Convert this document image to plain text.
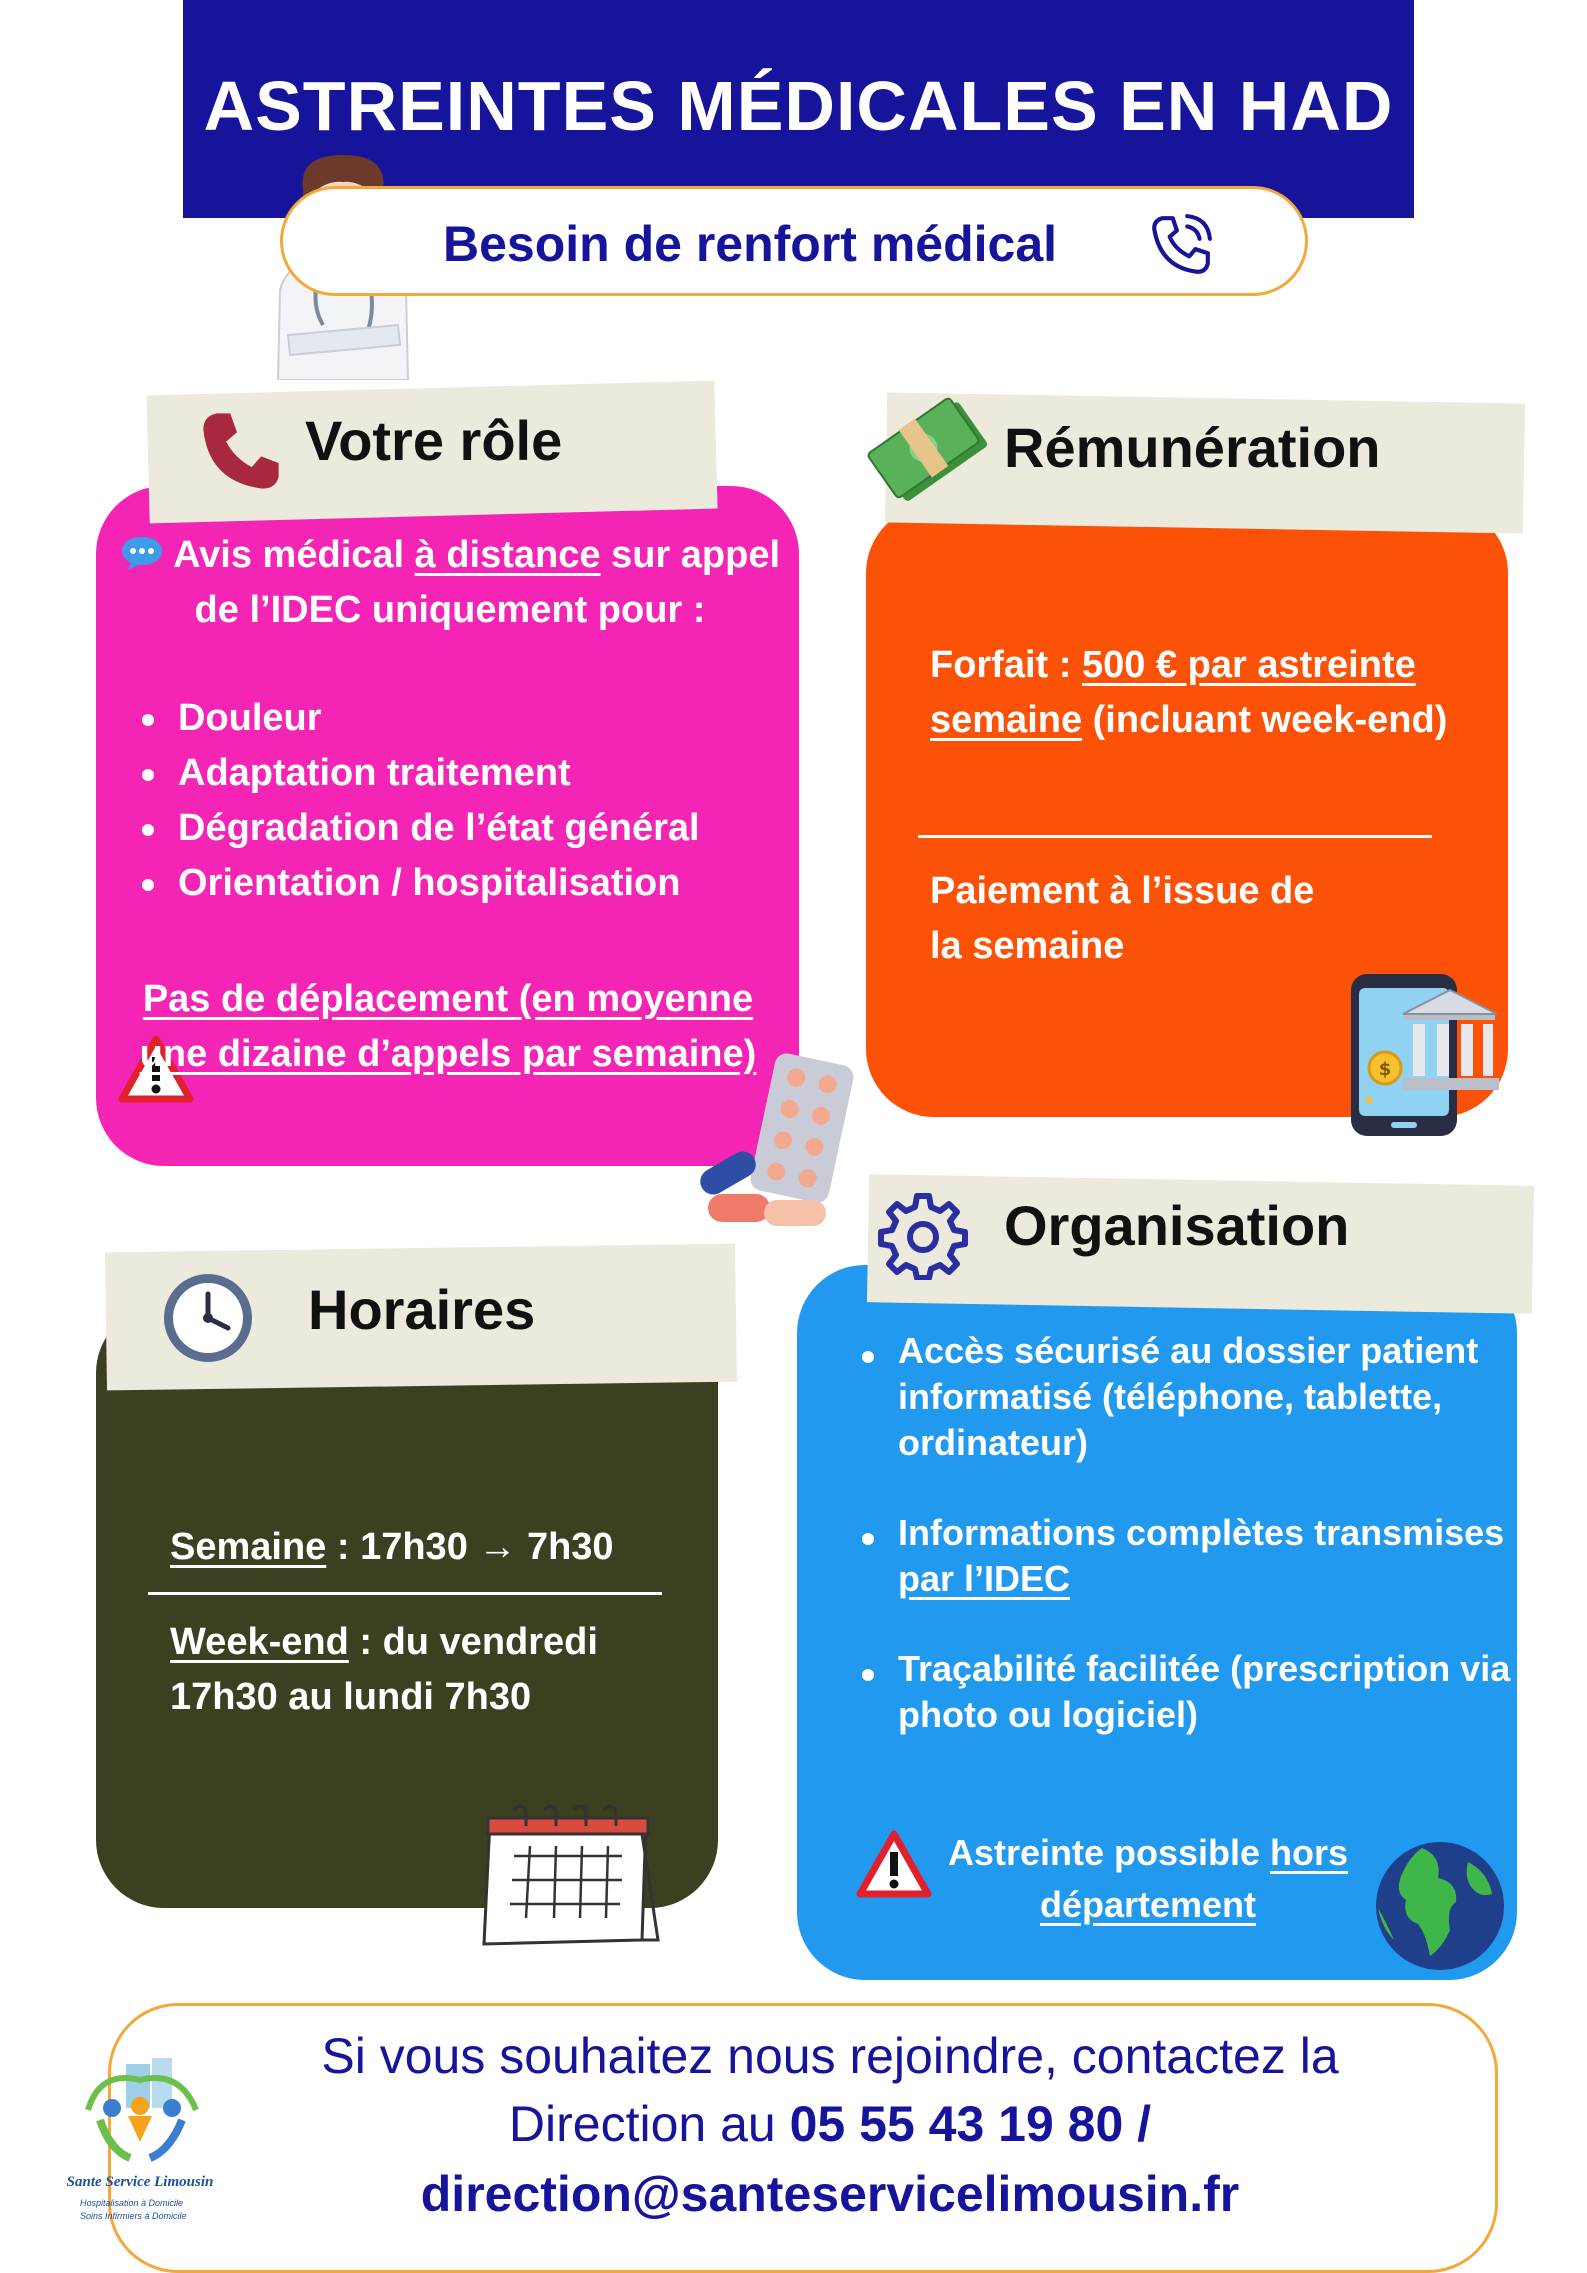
ASTREINTES MÉDICALES EN HAD
Besoin de renfort médical
Votre rôle
Avis médical à distance sur appel de l’IDEC uniquement pour :
Douleur
Adaptation traitement
Dégradation de l’état général
Orientation / hospitalisation
Pas de déplacement (en moyenne une dizaine d’appels par semaine)
Rémunération
Forfait : 500 € par astreinte semaine (incluant week-end)
Paiement à l’issue de la semaine
$
Horaires
Semaine : 17h30 → 7h30
Week-end : du vendredi 17h30 au lundi 7h30
Organisation
Accès sécurisé au dossier patient informatisé (téléphone, tablette, ordinateur)
Informations complètes transmises par l’IDEC
Traçabilité facilitée (prescription via photo ou logiciel)
Astreinte possible hors département
Si vous souhaitez nous rejoindre, contactez la
Direction au 05 55 43 19 80 /
direction@santeservicelimousin.fr
Sante Service Limousin
Hospitalisation à Domicile
Soins Infirmiers à Domicile
